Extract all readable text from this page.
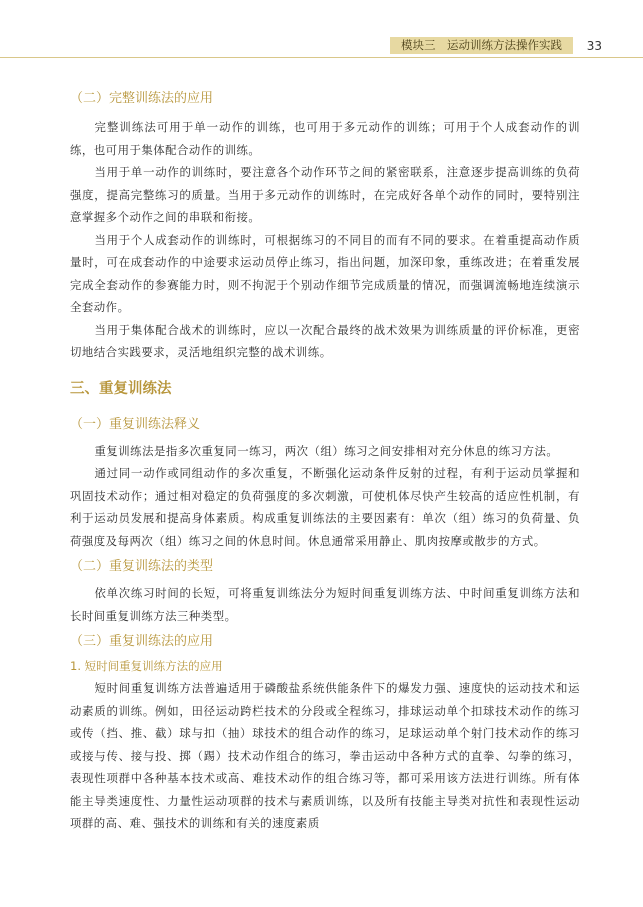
模块三　运动训练方法操作实践	33
（二）完整训练法的应用

完整训练法可用于单一动作的训练，也可用于多元动作的训练；可用于个人成套动作的训练，也可用于集体配合动作的训练。

当用于单一动作的训练时，要注意各个动作环节之间的紧密联系，注意逐步提高训练的负荷强度，提高完整练习的质量。当用于多元动作的训练时，在完成好各单个动作的同时，要特别注意掌握多个动作之间的串联和衔接。

当用于个人成套动作的训练时，可根据练习的不同目的而有不同的要求。在着重提高动作质量时，可在成套动作的中途要求运动员停止练习，指出问题，加深印象，重练改进；在着重发展完成全套动作的参赛能力时，则不拘泥于个别动作细节完成质量的情况，而强调流畅地连续演示全套动作。

当用于集体配合战术的训练时，应以一次配合最终的战术效果为训练质量的评价标准，更密切地结合实践要求，灵活地组织完整的战术训练。

三、重复训练法
（一）重复训练法释义

重复训练法是指多次重复同一练习，两次（组）练习之间安排相对充分休息的练习方法。

通过同一动作或同组动作的多次重复，不断强化运动条件反射的过程，有利于运动员掌握和巩固技术动作；通过相对稳定的负荷强度的多次刺激，可使机体尽快产生较高的适应性机制，有利于运动员发展和提高身体素质。构成重复训练法的主要因素有：单次（组）练习的负荷量、负荷强度及每两次（组）练习之间的休息时间。休息通常采用静止、肌肉按摩或散步的方式。

（二）重复训练法的类型

依单次练习时间的长短，可将重复训练法分为短时间重复训练方法、中时间重复训练方法和长时间重复训练方法三种类型。

（三）重复训练法的应用
1. 短时间重复训练方法的应用

短时间重复训练方法普遍适用于磷酸盐系统供能条件下的爆发力强、速度快的运动技术和运动素质的训练。例如，田径运动跨栏技术的分段或全程练习，排球运动单个扣球技术动作的练习或传（挡、推、截）球与扣（抽）球技术的组合动作的练习，足球运动单个射门技术动作的练习或接与传、接与投、掷（踢）技术动作组合的练习，拳击运动中各种方式的直拳、勾拳的练习，表现性项群中各种基本技术或高、难技术动作的组合练习等，都可采用该方法进行训练。所有体能主导类速度性、力量性运动项群的技术与素质训练，以及所有技能主导类对抗性和表现性运动项群的高、难、强技术的训练和有关的速度素质
